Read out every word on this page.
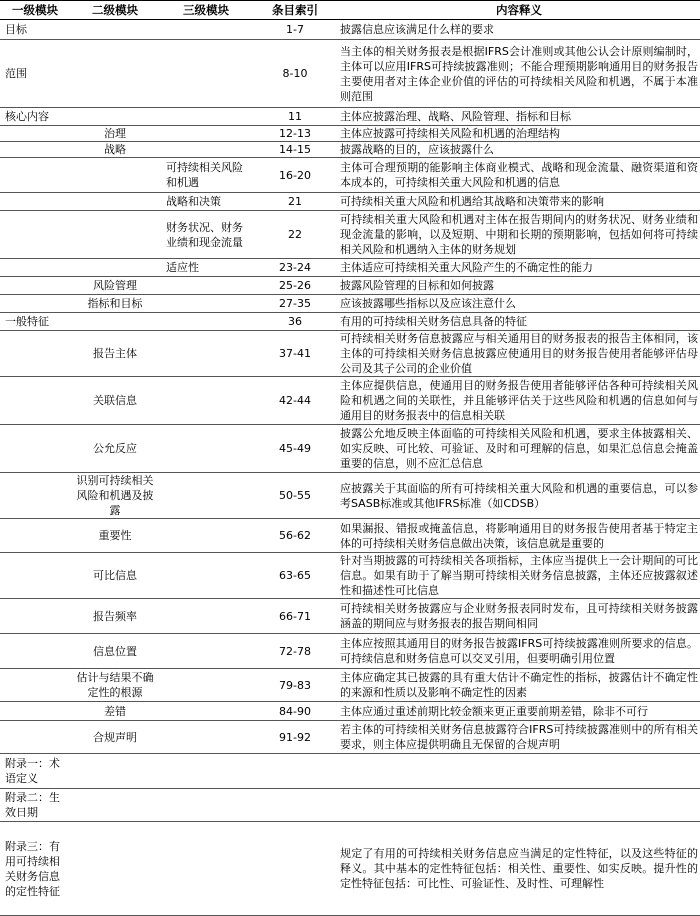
一级模块	二级模块	三级模块	条目索引	内容释义
目标			1-7	披露信息应该满足什么样的要求
范围			8-10	当主体的相关财务报表是根据IFRS会计准则或其他公认会计原则编制时，主体可以应用IFRS可持续披露准则；不能合理预期影响通用目的财务报告主要使用者对主体企业价值的评估的可持续相关风险和机遇，不属于本准则范围
核心内容			11	主体应披露治理、战略、风险管理、指标和目标
	治理		12-13	主体应披露可持续相关风险和机遇的治理结构
	战略		14-15	披露战略的目的，应该披露什么
		可持续相关风险和机遇	16-20	主体可合理预期的能影响主体商业模式、战略和现金流量、融资渠道和资本成本的，可持续相关重大风险和机遇的信息
		战略和决策	21	可持续相关重大风险和机遇给其战略和决策带来的影响
		财务状况、财务业绩和现金流量	22	可持续相关重大风险和机遇对主体在报告期间内的财务状况、财务业绩和现金流量的影响，以及短期、中期和长期的预期影响，包括如何将可持续相关风险和机遇纳入主体的财务规划
		适应性	23-24	主体适应可持续相关重大风险产生的不确定性的能力
	风险管理		25-26	披露风险管理的目标和如何披露
	指标和目标		27-35	应该披露哪些指标以及应该注意什么
一般特征			36	有用的可持续相关财务信息具备的特征
	报告主体		37-41	可持续相关财务信息披露应与相关通用目的财务报表的报告主体相同，该主体的可持续相关财务信息披露应使通用目的财务报告使用者能够评估母公司及其子公司的企业价值
	关联信息		42-44	主体应提供信息，使通用目的财务报告使用者能够评估各种可持续相关风险和机遇之间的关联性，并且能够评估关于这些风险和机遇的信息如何与通用目的财务报表中的信息相关联
	公允反应		45-49	披露公允地反映主体面临的可持续相关风险和机遇，要求主体披露相关、如实反映、可比较、可验证、及时和可理解的信息，如果汇总信息会掩盖重要的信息，则不应汇总信息
	识别可持续相关风险和机遇及披露		50-55	应披露关于其面临的所有可持续相关重大风险和机遇的重要信息，可以参考SASB标准或其他IFRS标准（如CDSB）
	重要性		56-62	如果漏报、错报或掩盖信息，将影响通用目的财务报告使用者基于特定主体的可持续相关财务信息做出决策，该信息就是重要的
	可比信息		63-65	针对当期披露的可持续相关各项指标，主体应当提供上一会计期间的可比信息。如果有助于了解当期可持续相关财务信息披露，主体还应披露叙述性和描述性可比信息
	报告频率		66-71	可持续相关财务披露应与企业财务报表同时发布，且可持续相关财务披露涵盖的期间应与财务报表的报告期间相同
	信息位置		72-78	主体应按照其通用目的财务报告披露IFRS可持续披露准则所要求的信息。可持续信息和财务信息可以交叉引用，但要明确引用位置
	估计与结果不确定性的根源		79-83	主体应确定其已披露的具有重大估计不确定性的指标，披露估计不确定性的来源和性质以及影响不确定性的因素
	差错		84-90	主体应通过重述前期比较金额来更正重要前期差错，除非不可行
	合规声明		91-92	若主体的可持续相关财务信息披露符合IFRS可持续披露准则中的所有相关要求，则主体应提供明确且无保留的合规声明
附录一：术语定义				
附录二：生效日期				
附录三：有用可持续相关财务信息的定性特征				规定了有用的可持续相关财务信息应当满足的定性特征，以及这些特征的释义。其中基本的定性特征包括：相关性、重要性、如实反映。提升性的定性特征包括：可比性、可验证性、及时性、可理解性
